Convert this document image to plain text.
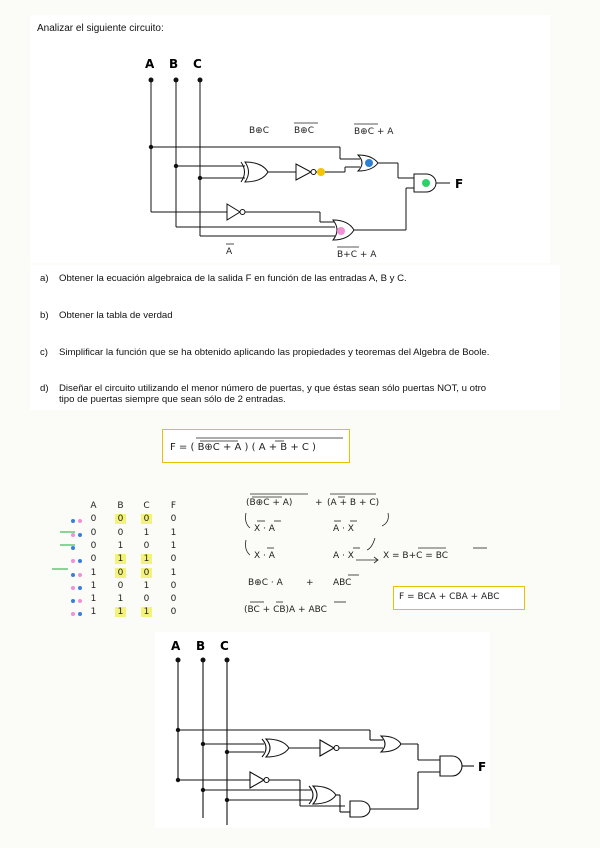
Analizar el siguiente circuito:
A B C
F
B⊕C	B⊕C	B⊕C + A
A	B+C + A
a) Obtener la ecuación algebraica de la salida F en función de las entradas A, B y C.
b) Obtener la tabla de verdad
c) Simplificar la función que se ha obtenido aplicando las propiedades y teoremas del Algebra de Boole.
d) Diseñar el circuito utilizando el menor número de puertas, y que éstas sean sólo puertas NOT, u otro
tipo de puertas siempre que sean sólo de 2 entradas.
F = ( B⊕C + A ) ( A + B + C )
A B C	F
0 0 0 0
0 0 1 1
0 1 0 1
0 1 1 0
1 0 0 1
1 0 1 0
1 1 0 0
1 1 1 0
(B⊕C + A)	+ (A + B + C)
X · A	A · X
X · A	A · X	X = B+C = BC
B⊕C · A	+ ABC
(BC + CB)A + ABC
F = BCA + CBA + ABC
A B C
F
